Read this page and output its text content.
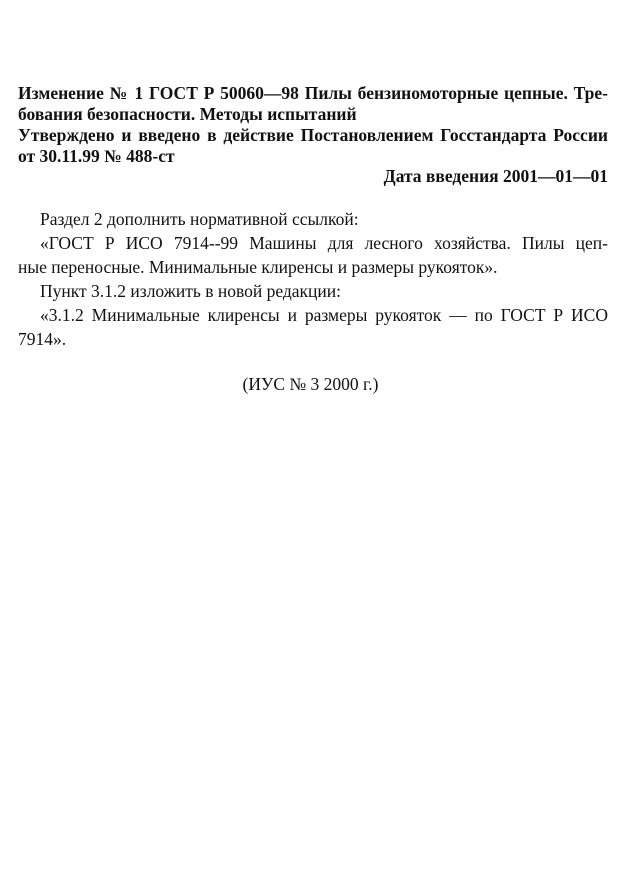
Изменение № 1 ГОСТ Р 50060—98 Пилы бензиномоторные цепные. Тре-

бования безопасности. Методы испытаний

Утверждено и введено в действие Постановлением Госстандарта России

от 30.11.99 № 488-ст

Дата введения 2001—01—01

Раздел 2 дополнить нормативной ссылкой:

«ГОСТ Р ИСО 7914--99 Машины для лесного хозяйства. Пилы цеп-

ные переносные. Минимальные клиренсы и размеры рукояток».

Пункт 3.1.2 изложить в новой редакции:

«3.1.2 Минимальные клиренсы и размеры рукояток — по ГОСТ Р ИСО

7914».

(ИУС № 3 2000 г.)
